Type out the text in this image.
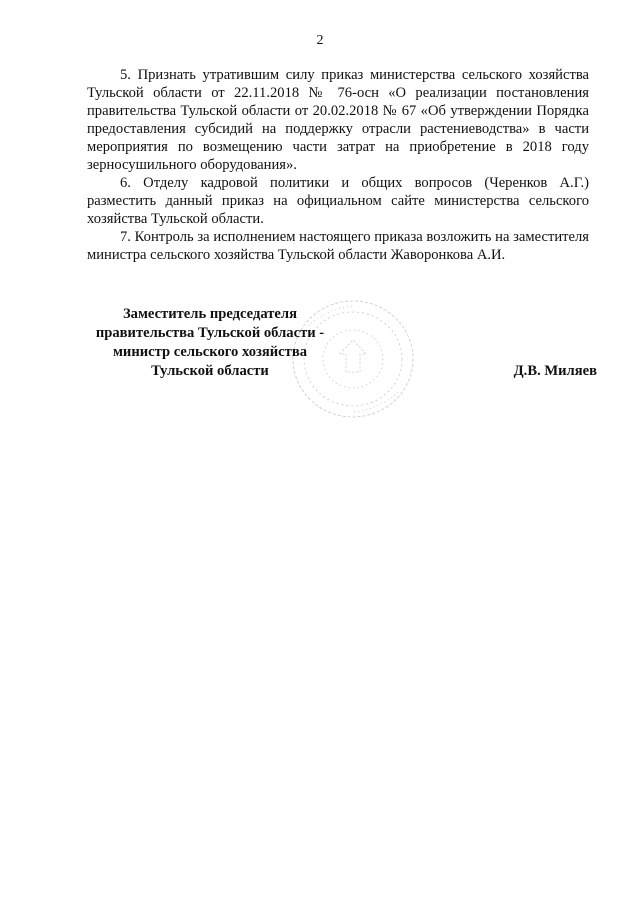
2

5. Признать утратившим силу приказ министерства сельского хозяйства Тульской области от 22.11.2018 № 76-осн «О реализации постановления правительства Тульской области от 20.02.2018 № 67 «Об утверждении Порядка предоставления субсидий на поддержку отрасли растениеводства» в части мероприятия по возмещению части затрат на приобретение в 2018 году зерносушильного оборудования».

6. Отделу кадровой политики и общих вопросов (Черенков А.Г.) разместить данный приказ на официальном сайте министерства сельского хозяйства Тульской области.

7. Контроль за исполнением настоящего приказа возложить на заместителя министра сельского хозяйства Тульской области Жаворонкова А.И.

Заместитель председателя
правительства Тульской области -
министр сельского хозяйства
Тульской области	Д.В. Миляев
